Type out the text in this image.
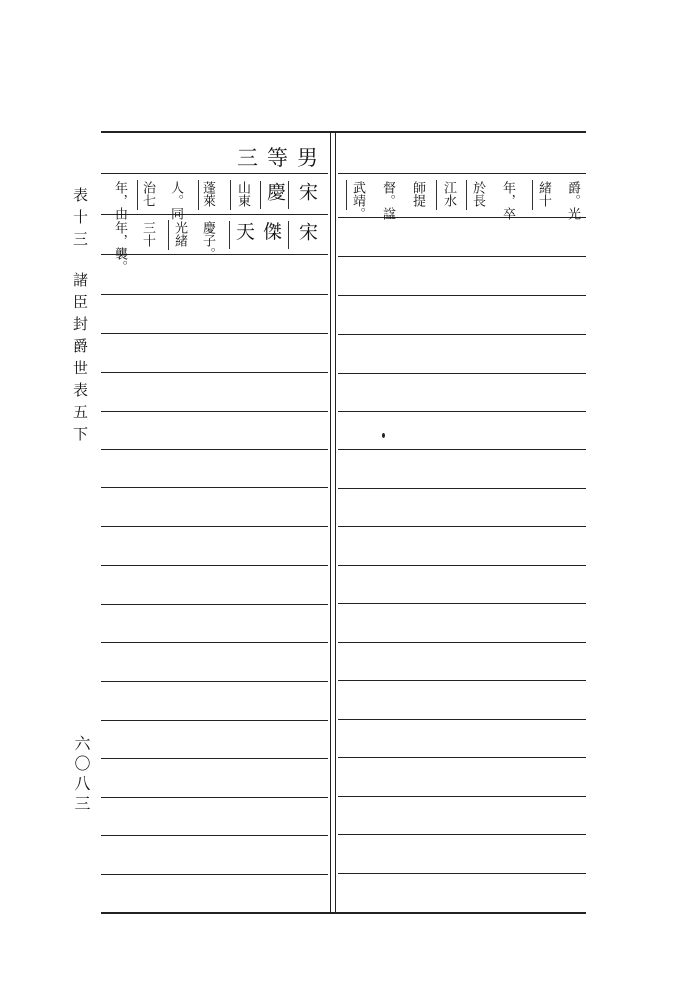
表十三
諸臣封爵世表五下
六〇八三
三等男
宋
慶
山東
蓬萊
人。同
治七
年，由
宋
天傑
慶子。
光緒
三十
年，襲。
爵。光
緒十
年，卒
於長
江水
師提
督。諡
武靖。
